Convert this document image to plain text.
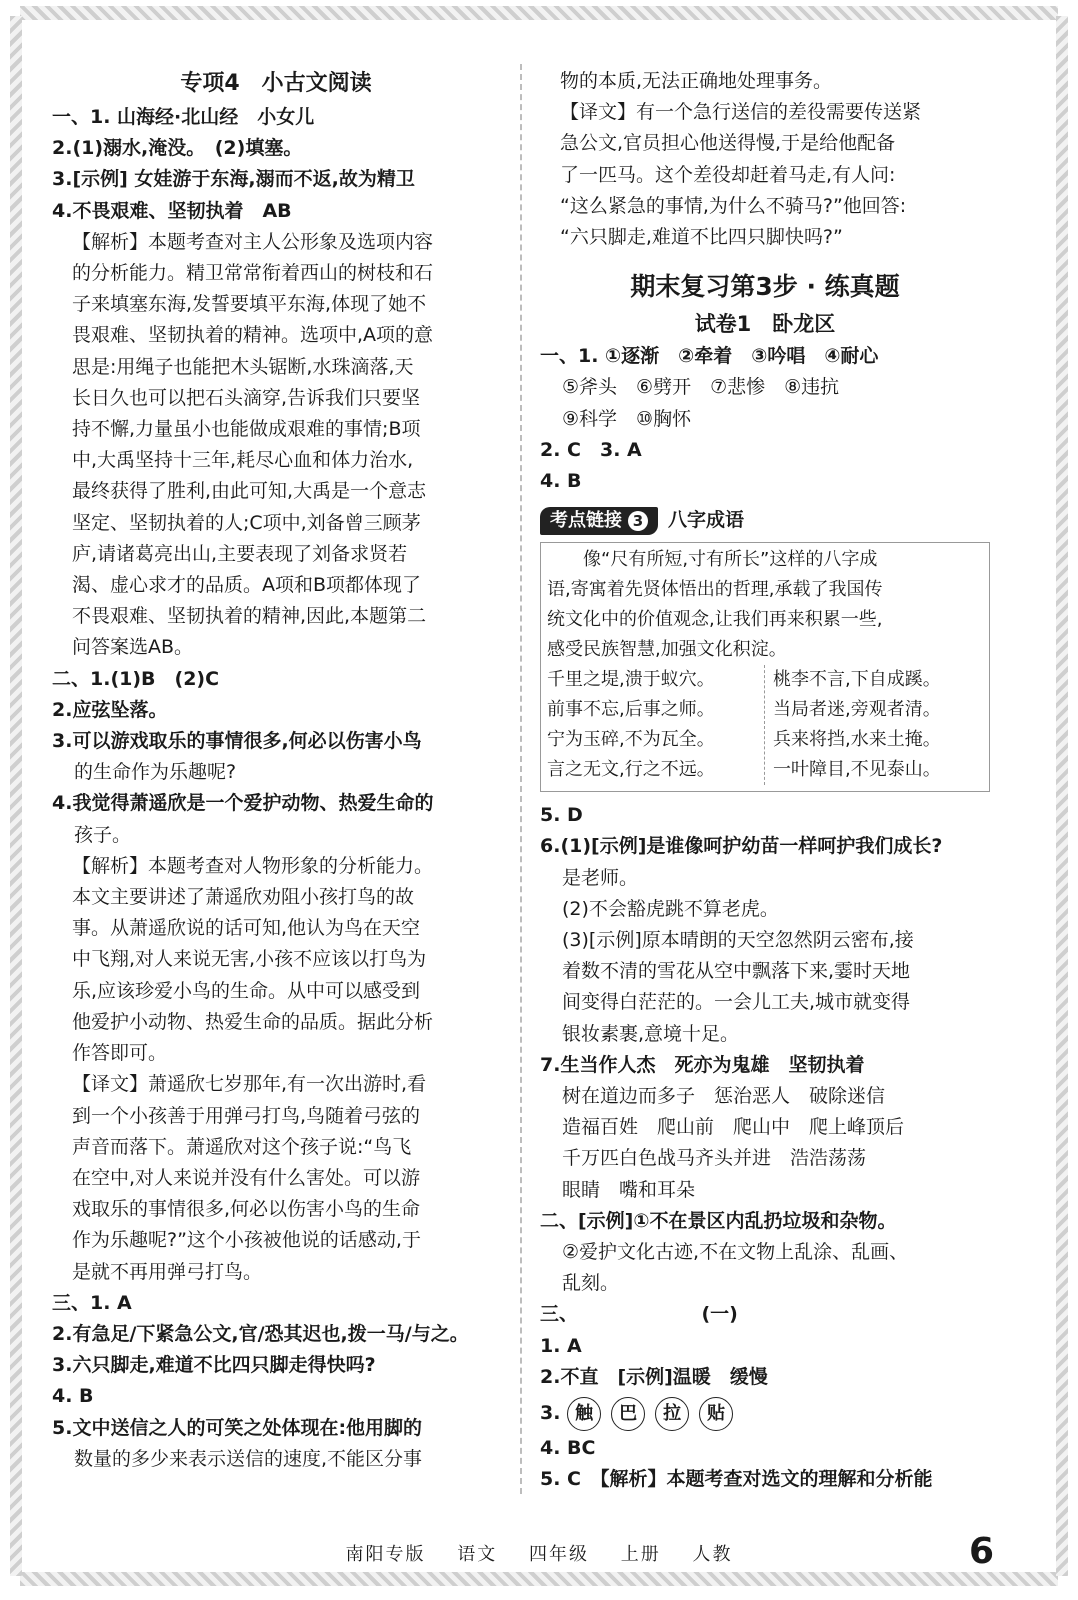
专项4　小古文阅读
一、1. 山海经·北山经　小女儿
2.(1)溺水,淹没。　(2)填塞。
3.[示例] 女娃游于东海,溺而不返,故为精卫
4.不畏艰难、坚韧执着　AB
【解析】本题考查对主人公形象及选项内容
的分析能力。精卫常常衔着西山的树枝和石
子来填塞东海,发誓要填平东海,体现了她不
畏艰难、坚韧执着的精神。选项中,A项的意
思是:用绳子也能把木头锯断,水珠滴落,天
长日久也可以把石头滴穿,告诉我们只要坚
持不懈,力量虽小也能做成艰难的事情;B项
中,大禹坚持十三年,耗尽心血和体力治水,
最终获得了胜利,由此可知,大禹是一个意志
坚定、坚韧执着的人;C项中,刘备曾三顾茅
庐,请诸葛亮出山,主要表现了刘备求贤若
渴、虚心求才的品质。A项和B项都体现了
不畏艰难、坚韧执着的精神,因此,本题第二
问答案选AB。
二、1.(1)B　(2)C
2.应弦坠落。
3.可以游戏取乐的事情很多,何必以伤害小鸟
的生命作为乐趣呢?
4.我觉得萧遥欣是一个爱护动物、热爱生命的
孩子。
【解析】本题考查对人物形象的分析能力。
本文主要讲述了萧遥欣劝阻小孩打鸟的故
事。从萧遥欣说的话可知,他认为鸟在天空
中飞翔,对人来说无害,小孩不应该以打鸟为
乐,应该珍爱小鸟的生命。从中可以感受到
他爱护小动物、热爱生命的品质。据此分析
作答即可。
【译文】萧遥欣七岁那年,有一次出游时,看
到一个小孩善于用弹弓打鸟,鸟随着弓弦的
声音而落下。萧遥欣对这个孩子说:“鸟飞
在空中,对人来说并没有什么害处。可以游
戏取乐的事情很多,何必以伤害小鸟的生命
作为乐趣呢?”这个小孩被他说的话感动,于
是就不再用弹弓打鸟。
三、1. A
2.有急足/下紧急公文,官/恐其迟也,拨一马/与之。
3.六只脚走,难道不比四只脚走得快吗?
4. B
5.文中送信之人的可笑之处体现在:他用脚的
数量的多少来表示送信的速度,不能区分事
物的本质,无法正确地处理事务。
【译文】有一个急行送信的差役需要传送紧
急公文,官员担心他送得慢,于是给他配备
了一匹马。这个差役却赶着马走,有人问:
“这么紧急的事情,为什么不骑马?”他回答:
“六只脚走,难道不比四只脚快吗?”
期末复习第3步 · 练真题
试卷1　卧龙区
一、1. ①逐渐　②牵着　③吟唱　④耐心
⑤斧头　⑥劈开　⑦悲惨　⑧违抗
⑨科学　⑩胸怀
2. C　3. A
4. B
考点链接 3	八字成语
　　像“尺有所短,寸有所长”这样的八字成
语,寄寓着先贤体悟出的哲理,承载了我国传
统文化中的价值观念,让我们再来积累一些,
感受民族智慧,加强文化积淀。
千里之堤,溃于蚁穴。
前事不忘,后事之师。
宁为玉碎,不为瓦全。
言之无文,行之不远。
桃李不言,下自成蹊。
当局者迷,旁观者清。
兵来将挡,水来土掩。
一叶障目,不见泰山。
5. D
6.(1)[示例]是谁像呵护幼苗一样呵护我们成长?
是老师。
(2)不会豁虎跳不算老虎。
(3)[示例]原本晴朗的天空忽然阴云密布,接
着数不清的雪花从空中飘落下来,霎时天地
间变得白茫茫的。一会儿工夫,城市就变得
银妆素裹,意境十足。
7.生当作人杰　死亦为鬼雄　坚韧执着
树在道边而多子　惩治恶人　破除迷信
造福百姓　爬山前　爬山中　爬上峰顶后
千万匹白色战马齐头并进　浩浩荡荡
眼睛　嘴和耳朵
二、[示例]①不在景区内乱扔垃圾和杂物。
②爱护文化古迹,不在文物上乱涂、乱画、
乱刻。
三、　　　　　　　(一)
1. A
2.不直　[示例]温暖　缓慢
3. 触 巴 拉 贴
4. BC
5. C　【解析】本题考查对选文的理解和分析能
南阳专版 语文 四年级 上册 人教	6
